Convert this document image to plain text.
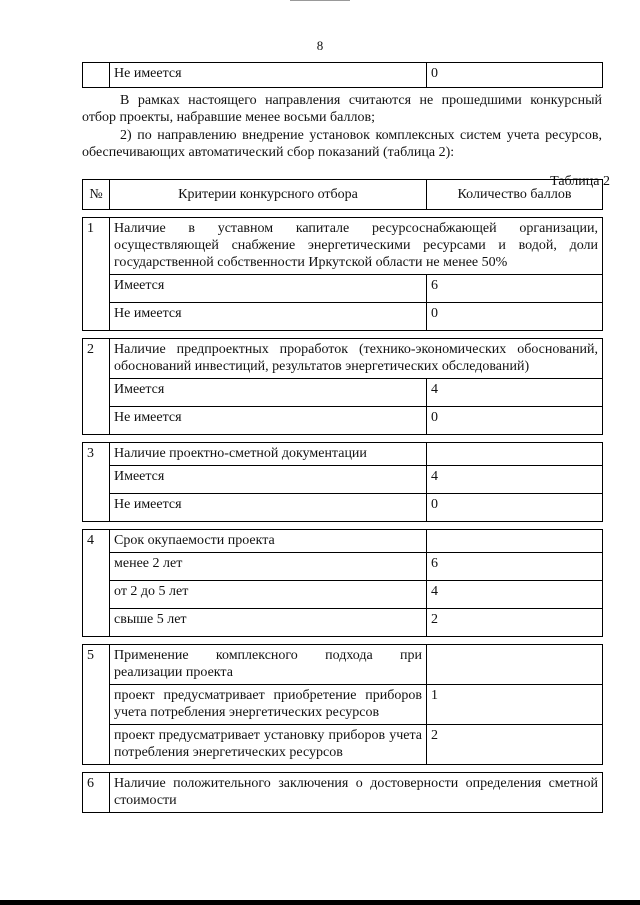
8
	Не имеется	0
В рамках настоящего направления считаются не прошедшими конкурсный отбор проекты, набравшие менее восьми баллов;
2) по направлению внедрение установок комплексных систем учета ресурсов, обеспечивающих автоматический сбор показаний (таблица 2):
Таблица 2
№	Критерии конкурсного отбора	Количество баллов

1	Наличие в уставном капитале ресурсоснабжающей организации, осуществляющей снабжение энергетическими ресурсами и водой, доли государственной собственности Иркутской области не менее 50%	
	Имеется	6
	Не имеется	0

2	Наличие предпроектных проработок (технико-экономических обоснований, обоснований инвестиций, результатов энергетических обследований)	
	Имеется	4
	Не имеется	0

3	Наличие проектно-сметной документации	
	Имеется	4
	Не имеется	0

4	Срок окупаемости проекта	
	менее 2 лет	6
	от 2 до 5 лет	4
	свыше 5 лет	2

5	Применение комплексного подхода при реализации проекта	
	проект предусматривает приобретение приборов учета потребления энергетических ресурсов	1
	проект предусматривает установку приборов учета потребления энергетических ресурсов	2

6	Наличие положительного заключения о достоверности определения сметной стоимости	
